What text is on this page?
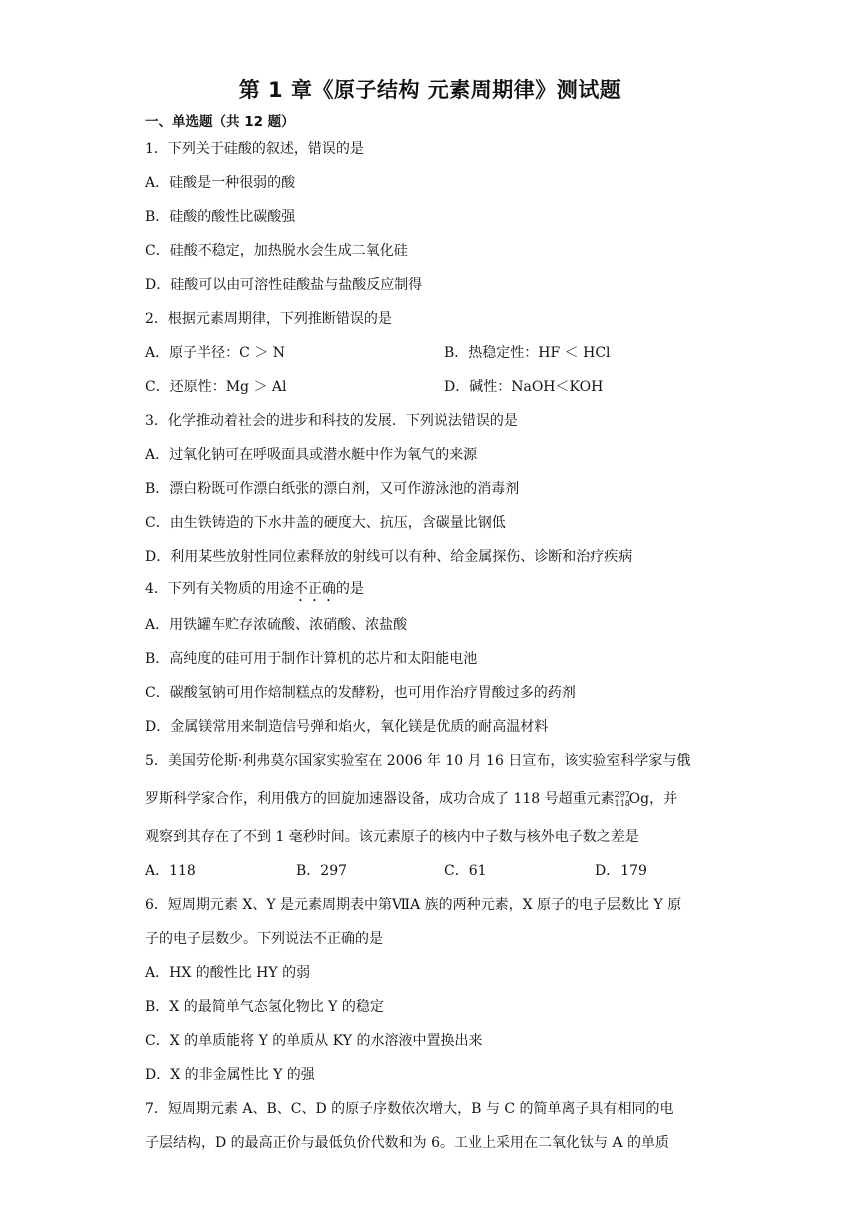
第 1 章《原子结构 元素周期律》测试题
一、单选题（共 12 题）
1．下列关于硅酸的叙述，错误的是
A．硅酸是一种很弱的酸
B．硅酸的酸性比碳酸强
C．硅酸不稳定，加热脱水会生成二氧化硅
D．硅酸可以由可溶性硅酸盐与盐酸反应制得
2．根据元素周期律，下列推断错误的是
A．原子半径：C ＞ N	B．热稳定性：HF ＜ HCl
C．还原性：Mg ＞ Al	D．碱性：NaOH＜KOH
3．化学推动着社会的进步和科技的发展．下列说法错误的是
A．过氧化钠可在呼吸面具或潜水艇中作为氧气的来源
B．漂白粉既可作漂白纸张的漂白剂，又可作游泳池的消毒剂
C．由生铁铸造的下水井盖的硬度大、抗压，含碳量比钢低
D．利用某些放射性同位素释放的射线可以有种、给金属探伤、诊断和治疗疾病
4．下列有关物质的用途不正确的是
A．用铁罐车贮存浓硫酸、浓硝酸、浓盐酸
B．高纯度的硅可用于制作计算机的芯片和太阳能电池
C．碳酸氢钠可用作焙制糕点的发酵粉，也可用作治疗胃酸过多的药剂
D．金属镁常用来制造信号弹和焰火，氧化镁是优质的耐高温材料
5．美国劳伦斯·利弗莫尔国家实验室在 2006 年 10 月 16 日宣布，该实验室科学家与俄
罗斯科学家合作，利用俄方的回旋加速器设备，成功合成了 118 号超重元素 297
118
Og，并
观察到其存在了不到 1 毫秒时间。该元素原子的核内中子数与核外电子数之差是
A．118	B．297	C．61	D．179
6．短周期元素 X、Y 是元素周期表中第ⅦA 族的两种元素，X 原子的电子层数比 Y 原
子的电子层数少。下列说法不正确的是
A．HX 的酸性比 HY 的弱
B．X 的最简单气态氢化物比 Y 的稳定
C．X 的单质能将 Y 的单质从 KY 的水溶液中置换出来
D．X 的非金属性比 Y 的强
7．短周期元素 A、B、C、D 的原子序数依次增大，B 与 C 的简单离子具有相同的电
子层结构，D 的最高正价与最低负价代数和为 6。工业上采用在二氧化钛与 A 的单质
